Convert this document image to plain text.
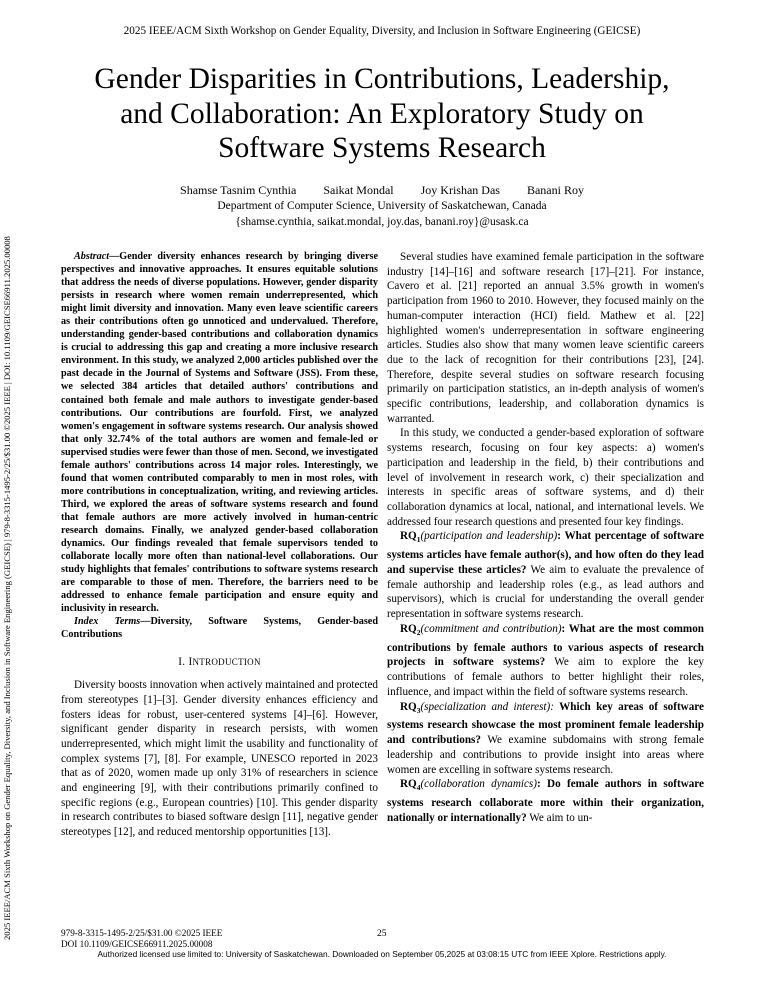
2025 IEEE/ACM Sixth Workshop on Gender Equality, Diversity, and Inclusion in Software Engineering (GEICSE)
2025 IEEE/ACM Sixth Workshop on Gender Equality, Diversity, and Inclusion in Software Engineering (GEICSE) | 979-8-3315-1495-2/25/$31.00 ©2025 IEEE | DOI: 10.1109/GEICSE66911.2025.00008
Gender Disparities in Contributions, Leadership,
and Collaboration: An Exploratory Study on
Software Systems Research
Shamse Tasnim Cynthia Saikat Mondal Joy Krishan Das Banani Roy
Department of Computer Science, University of Saskatchewan, Canada
{shamse.cynthia, saikat.mondal, joy.das, banani.roy}@usask.ca

Abstract—Gender diversity enhances research by bringing diverse perspectives and innovative approaches. It ensures equitable solutions that address the needs of diverse populations. However, gender disparity persists in research where women remain underrepresented, which might limit diversity and innovation. Many even leave scientific careers as their contributions often go unnoticed and undervalued. Therefore, understanding gender-based contributions and collaboration dynamics is crucial to addressing this gap and creating a more inclusive research environment. In this study, we analyzed 2,000 articles published over the past decade in the Journal of Systems and Software (JSS). From these, we selected 384 articles that detailed authors' contributions and contained both female and male authors to investigate gender-based contributions. Our contributions are fourfold. First, we analyzed women's engagement in software systems research. Our analysis showed that only 32.74% of the total authors are women and female-led or supervised studies were fewer than those of men. Second, we investigated female authors' contributions across 14 major roles. Interestingly, we found that women contributed comparably to men in most roles, with more contributions in conceptualization, writing, and reviewing articles. Third, we explored the areas of software systems research and found that female authors are more actively involved in human-centric research domains. Finally, we analyzed gender-based collaboration dynamics. Our findings revealed that female supervisors tended to collaborate locally more often than national-level collaborations. Our study highlights that females' contributions to software systems research are comparable to those of men. Therefore, the barriers need to be addressed to enhance female participation and ensure equity and inclusivity in research.

Index Terms—Diversity, Software Systems, Gender-based Contributions

I. INTRODUCTION

Diversity boosts innovation when actively maintained and protected from stereotypes [1]–[3]. Gender diversity enhances efficiency and fosters ideas for robust, user-centered systems [4]–[6]. However, significant gender disparity in research persists, with women underrepresented, which might limit the usability and functionality of complex systems [7], [8]. For example, UNESCO reported in 2023 that as of 2020, women made up only 31% of researchers in science and engineering [9], with their contributions primarily confined to specific regions (e.g., European countries) [10]. This gender disparity in research contributes to biased software design [11], negative gender stereotypes [12], and reduced mentorship opportunities [13].

Several studies have examined female participation in the software industry [14]–[16] and software research [17]–[21]. For instance, Cavero et al. [21] reported an annual 3.5% growth in women's participation from 1960 to 2010. However, they focused mainly on the human-computer interaction (HCI) field. Mathew et al. [22] highlighted women's underrepresentation in software engineering articles. Studies also show that many women leave scientific careers due to the lack of recognition for their contributions [23], [24]. Therefore, despite several studies on software research focusing primarily on participation statistics, an in-depth analysis of women's specific contributions, leadership, and collaboration dynamics is warranted.

In this study, we conducted a gender-based exploration of software systems research, focusing on four key aspects: a) women's participation and leadership in the field, b) their contributions and level of involvement in research work, c) their specialization and interests in specific areas of software systems, and d) their collaboration dynamics at local, national, and international levels. We addressed four research questions and presented four key findings.

$RQ_1(participation$ and leadership): What percentage of software systems articles have female author(s), and how often do they lead and supervise these articles? We aim to evaluate the prevalence of female authorship and leadership roles (e.g., as lead authors and supervisors), which is crucial for understanding the overall gender representation in software systems research.

$RQ_2(commitment$ and contribution): What are the most common contributions by female authors to various aspects of research projects in software systems? We aim to explore the key contributions of female authors to better highlight their roles, influence, and impact within the field of software systems research.

$RQ_3(specialization$ and interest): Which key areas of software systems research showcase the most prominent female leadership and contributions? We examine subdomains with strong female leadership and contributions to provide insight into areas where women are excelling in software systems research.

$RQ_4(collaboration$ dynamics): Do female authors in software systems research collaborate more within their organization, nationally or internationally? We aim to un-

979-8-3315-1495-2/25/$31.00 ©2025 IEEE
DOI 10.1109/GEICSE66911.2025.00008
25
Authorized licensed use limited to: University of Saskatchewan. Downloaded on September 05,2025 at 03:08:15 UTC from IEEE Xplore. Restrictions apply.
